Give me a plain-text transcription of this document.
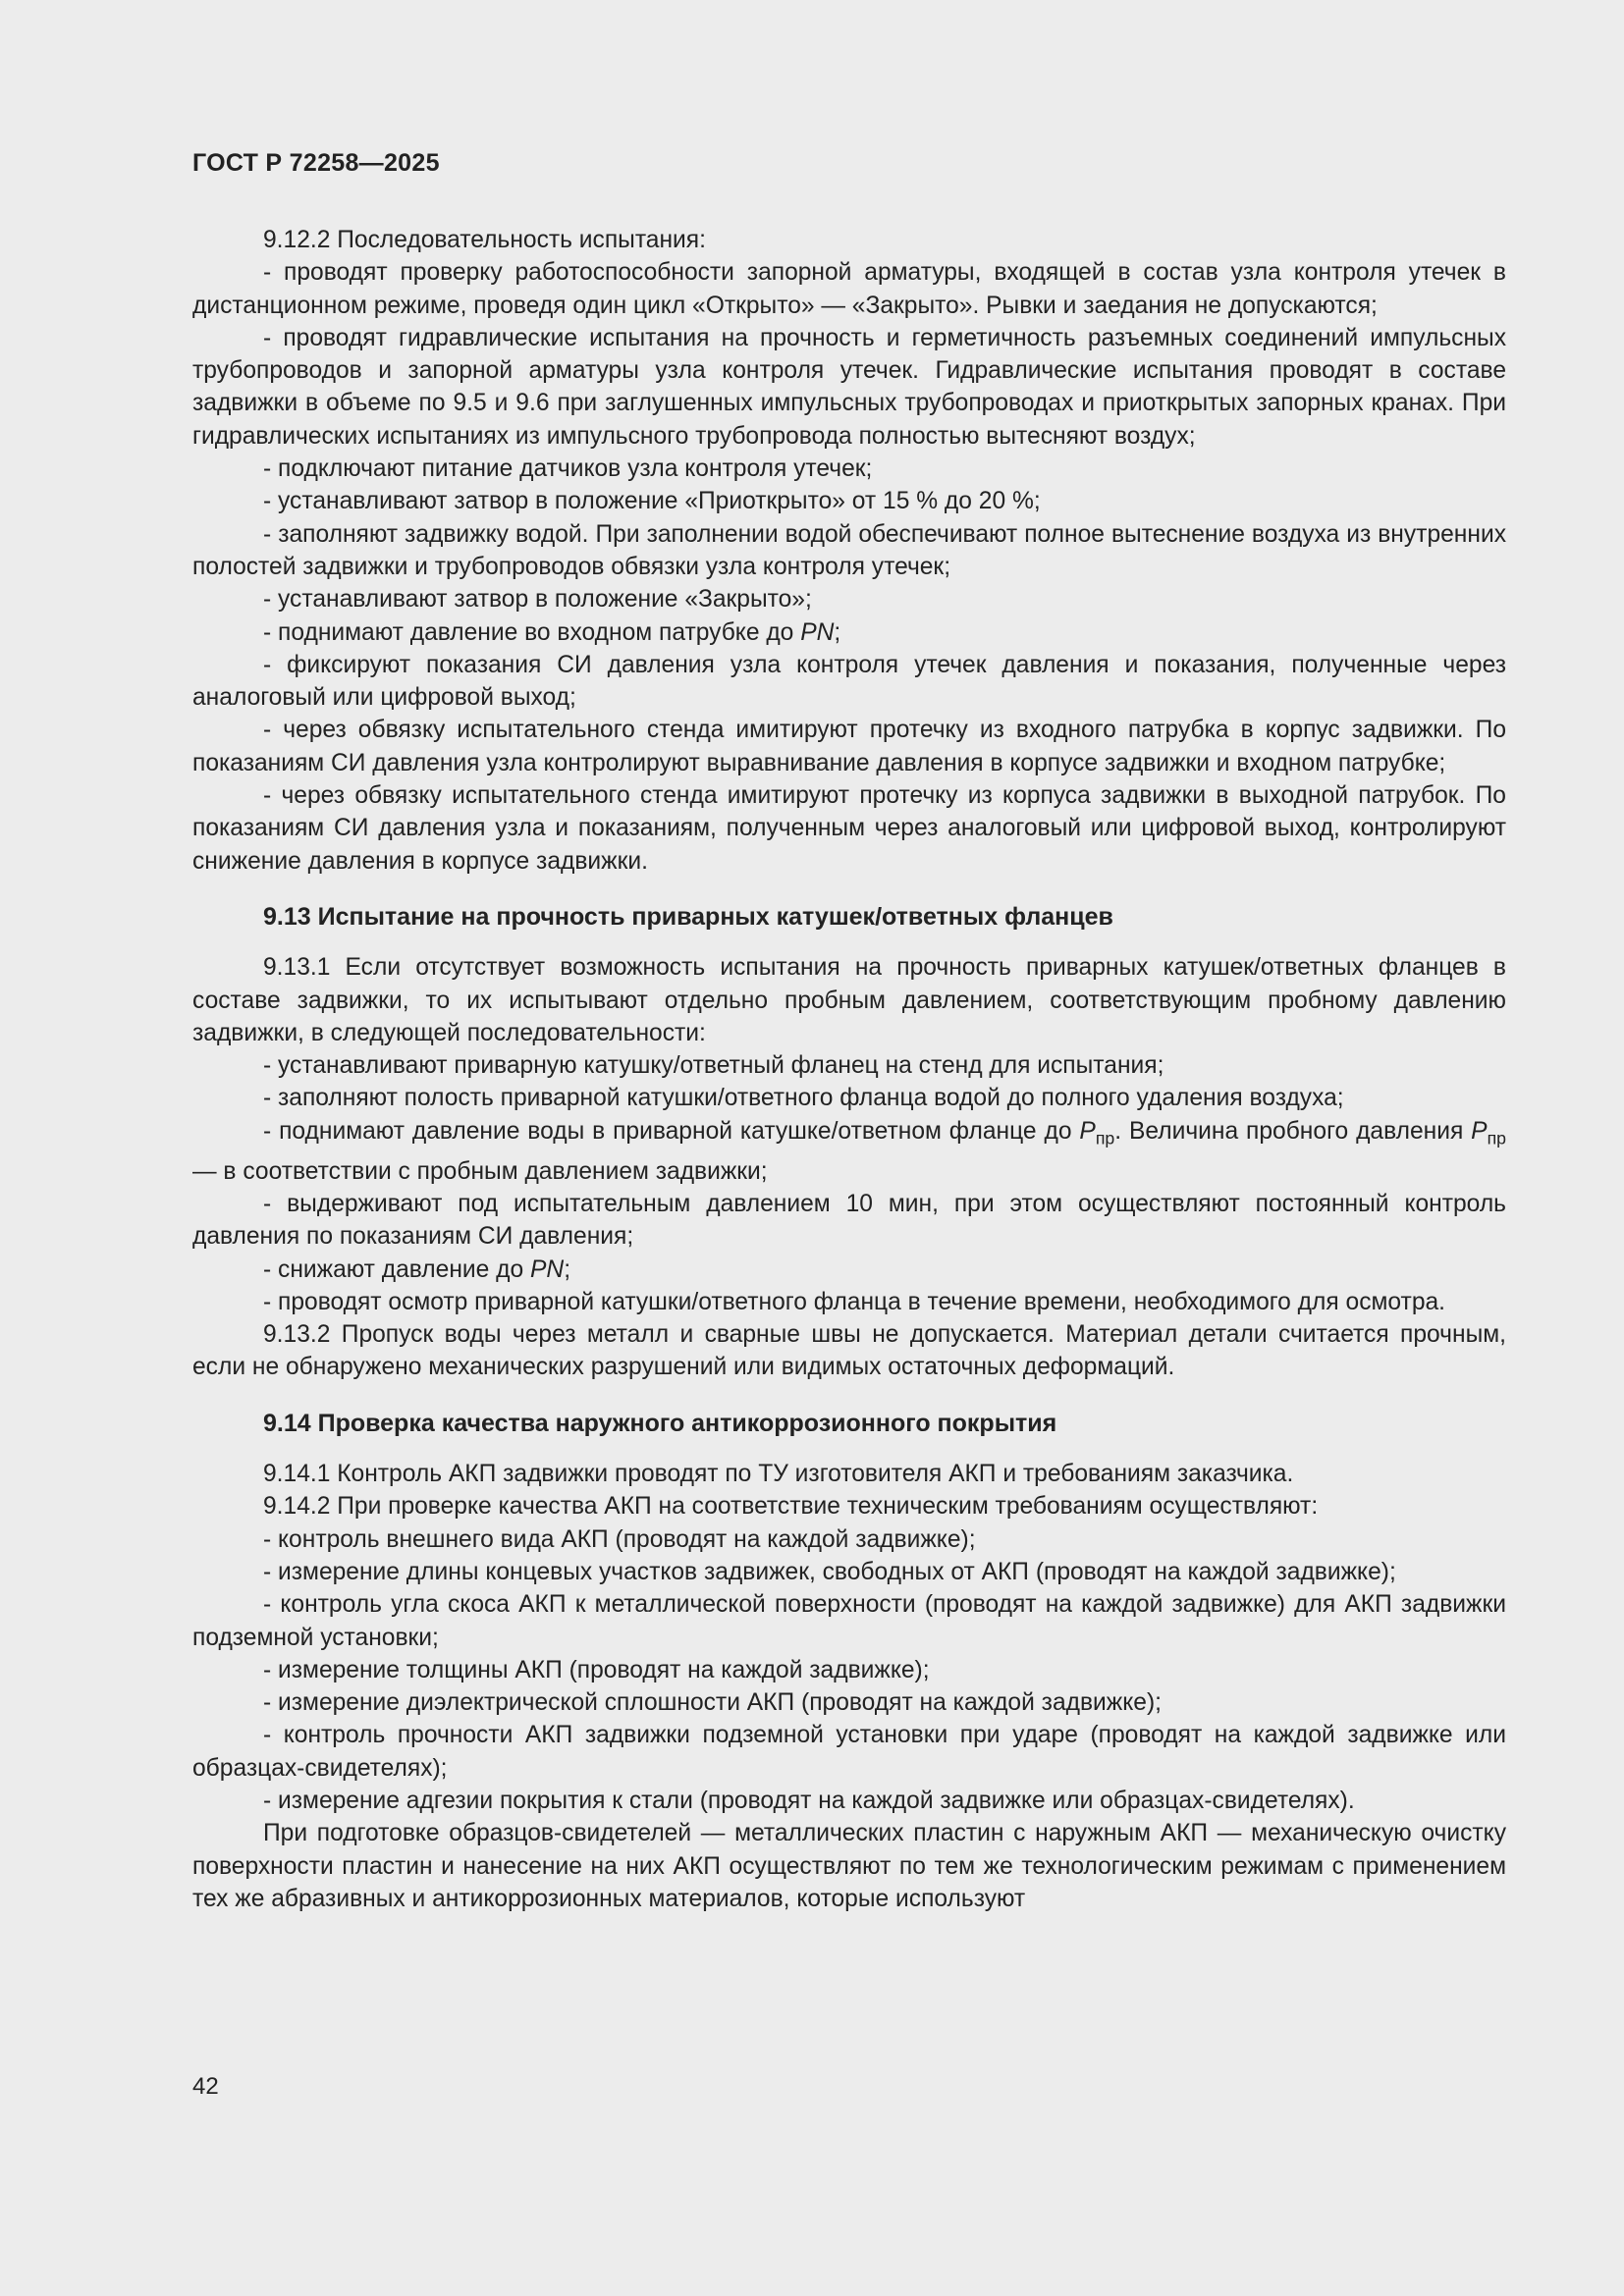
ГОСТ Р 72258—2025

9.12.2 Последовательность испытания:

- проводят проверку работоспособности запорной арматуры, входящей в состав узла контроля утечек в дистанционном режиме, проведя один цикл «Открыто» — «Закрыто». Рывки и заедания не допускаются;

- проводят гидравлические испытания на прочность и герметичность разъемных соединений импульсных трубопроводов и запорной арматуры узла контроля утечек. Гидравлические испытания проводят в составе задвижки в объеме по 9.5 и 9.6 при заглушенных импульсных трубопроводах и приоткрытых запорных кранах. При гидравлических испытаниях из импульсного трубопровода полностью вытесняют воздух;

- подключают питание датчиков узла контроля утечек;

- устанавливают затвор в положение «Приоткрыто» от 15 % до 20 %;

- заполняют задвижку водой. При заполнении водой обеспечивают полное вытеснение воздуха из внутренних полостей задвижки и трубопроводов обвязки узла контроля утечек;

- устанавливают затвор в положение «Закрыто»;

- поднимают давление во входном патрубке до PN;

- фиксируют показания СИ давления узла контроля утечек давления и показания, полученные через аналоговый или цифровой выход;

- через обвязку испытательного стенда имитируют протечку из входного патрубка в корпус задвижки. По показаниям СИ давления узла контролируют выравнивание давления в корпусе задвижки и входном патрубке;

- через обвязку испытательного стенда имитируют протечку из корпуса задвижки в выходной патрубок. По показаниям СИ давления узла и показаниям, полученным через аналоговый или цифровой выход, контролируют снижение давления в корпусе задвижки.

9.13 Испытание на прочность приварных катушек/ответных фланцев

9.13.1 Если отсутствует возможность испытания на прочность приварных катушек/ответных фланцев в составе задвижки, то их испытывают отдельно пробным давлением, соответствующим пробному давлению задвижки, в следующей последовательности:

- устанавливают приварную катушку/ответный фланец на стенд для испытания;

- заполняют полость приварной катушки/ответного фланца водой до полного удаления воздуха;

- поднимают давление воды в приварной катушке/ответном фланце до $P_{пр}$. Величина пробного давления $P_{пр}$ — в соответствии с пробным давлением задвижки;

- выдерживают под испытательным давлением 10 мин, при этом осуществляют постоянный контроль давления по показаниям СИ давления;

- снижают давление до PN;

- проводят осмотр приварной катушки/ответного фланца в течение времени, необходимого для осмотра.

9.13.2 Пропуск воды через металл и сварные швы не допускается. Материал детали считается прочным, если не обнаружено механических разрушений или видимых остаточных деформаций.

9.14 Проверка качества наружного антикоррозионного покрытия

9.14.1 Контроль АКП задвижки проводят по ТУ изготовителя АКП и требованиям заказчика.

9.14.2 При проверке качества АКП на соответствие техническим требованиям осуществляют:

- контроль внешнего вида АКП (проводят на каждой задвижке);

- измерение длины концевых участков задвижек, свободных от АКП (проводят на каждой задвижке);

- контроль угла скоса АКП к металлической поверхности (проводят на каждой задвижке) для АКП задвижки подземной установки;

- измерение толщины АКП (проводят на каждой задвижке);

- измерение диэлектрической сплошности АКП (проводят на каждой задвижке);

- контроль прочности АКП задвижки подземной установки при ударе (проводят на каждой задвижке или образцах-свидетелях);

- измерение адгезии покрытия к стали (проводят на каждой задвижке или образцах-свидетелях).

При подготовке образцов-свидетелей — металлических пластин с наружным АКП — механическую очистку поверхности пластин и нанесение на них АКП осуществляют по тем же технологическим режимам с применением тех же абразивных и антикоррозионных материалов, которые используют

42
